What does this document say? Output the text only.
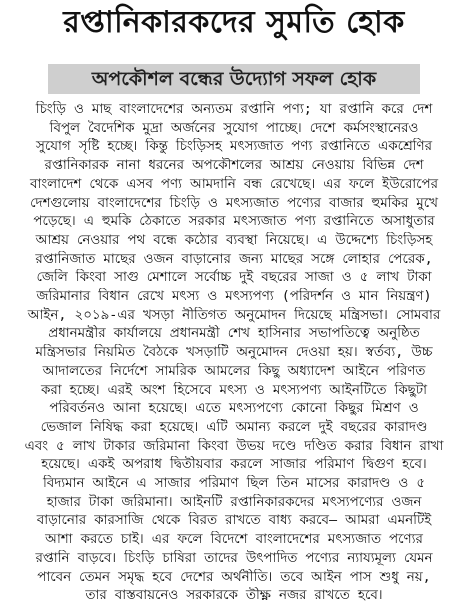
রপ্তানিকারকদের সুমতি হোক
অপকৌশল বন্ধের উদ্যোগ সফল হোক
চিংড়ি ও মাছ বাংলাদেশের অন্যতম রপ্তানি পণ্য; যা রপ্তানি করে দেশ
বিপুল বৈদেশিক মুদ্রা অর্জনের সুযোগ পাচ্ছে। দেশে কর্মসংস্থানেরও
সুযোগ সৃষ্টি হচ্ছে। কিন্তু চিংড়িসহ মৎস্যজাত পণ্য রপ্তানিতে একশ্রেণির
রপ্তানিকারক নানা ধরনের অপকৌশলের আশ্রয় নেওয়ায় বিভিন্ন দেশ
বাংলাদেশ থেকে এসব পণ্য আমদানি বন্ধ রেখেছে। এর ফলে ইউরোপের
দেশগুলোয় বাংলাদেশের চিংড়ি ও মৎস্যজাত পণ্যের বাজার হুমকির মুখে
পড়েছে। এ হুমকি ঠেকাতে সরকার মৎস্যজাত পণ্য রপ্তানিতে অসাধুতার
আশ্রয় নেওয়ার পথ বন্ধে কঠোর ব্যবস্থা নিয়েছে। এ উদ্দেশ্যে চিংড়িসহ
রপ্তানিজাত মাছের ওজন বাড়ানোর জন্য মাছের সঙ্গে লোহার পেরেক,
জেলি কিংবা সাগু মেশালে সর্বোচ্চ দুই বছরের সাজা ও ৫ লাখ টাকা
জরিমানার বিধান রেখে মৎস্য ও মৎস্যপণ্য (পরিদর্শন ও মান নিয়ন্ত্রণ)
আইন, ২০১৯-এর খসড়া নীতিগত অনুমোদন দিয়েছে মন্ত্রিসভা। সোমবার
প্রধানমন্ত্রীর কার্যালয়ে প্রধানমন্ত্রী শেখ হাসিনার সভাপতিত্বে অনুষ্ঠিত
মন্ত্রিসভার নিয়মিত বৈঠকে খসড়াটি অনুমোদন দেওয়া হয়। স্বর্তব্য, উচ্চ
আদালতের নির্দেশে সামরিক আমলের কিছু অধ্যাদেশ আইনে পরিণত
করা হচ্ছে। এরই অংশ হিসেবে মৎস্য ও মৎস্যপণ্য আইনটিতে কিছুটা
পরিবর্তনও আনা হয়েছে। এতে মৎস্যপণ্যে কোনো কিছুর মিশ্রণ ও
ভেজাল নিষিদ্ধ করা হয়েছে। এটি অমান্য করলে দুই বছরের কারাদণ্ড
এবং ৫ লাখ টাকার জরিমানা কিংবা উভয় দণ্ডে দণ্ডিত করার বিধান রাখা
হয়েছে। একই অপরাধ দ্বিতীয়বার করলে সাজার পরিমাণ দ্বিগুণ হবে।
বিদ্যমান আইনে এ সাজার পরিমাণ ছিল তিন মাসের কারাদণ্ড ও ৫
হাজার টাকা জরিমানা। আইনটি রপ্তানিকারকদের মৎস্যপণ্যের ওজন
বাড়ানোর কারসাজি থেকে বিরত রাখতে বাধ্য করবে– আমরা এমনটিই
আশা করতে চাই। এর ফলে বিদেশে বাংলাদেশের মৎস্যজাত পণ্যের
রপ্তানি বাড়বে। চিংড়ি চাষিরা তাদের উৎপাদিত পণ্যের ন্যায্যমূল্য যেমন
পাবেন তেমন সমৃদ্ধ হবে দেশের অর্থনীতি। তবে আইন পাস শুধু নয়,
তার বাস্তবায়নেও সরকারকে তীক্ষ্ণ নজর রাখতে হবে।
